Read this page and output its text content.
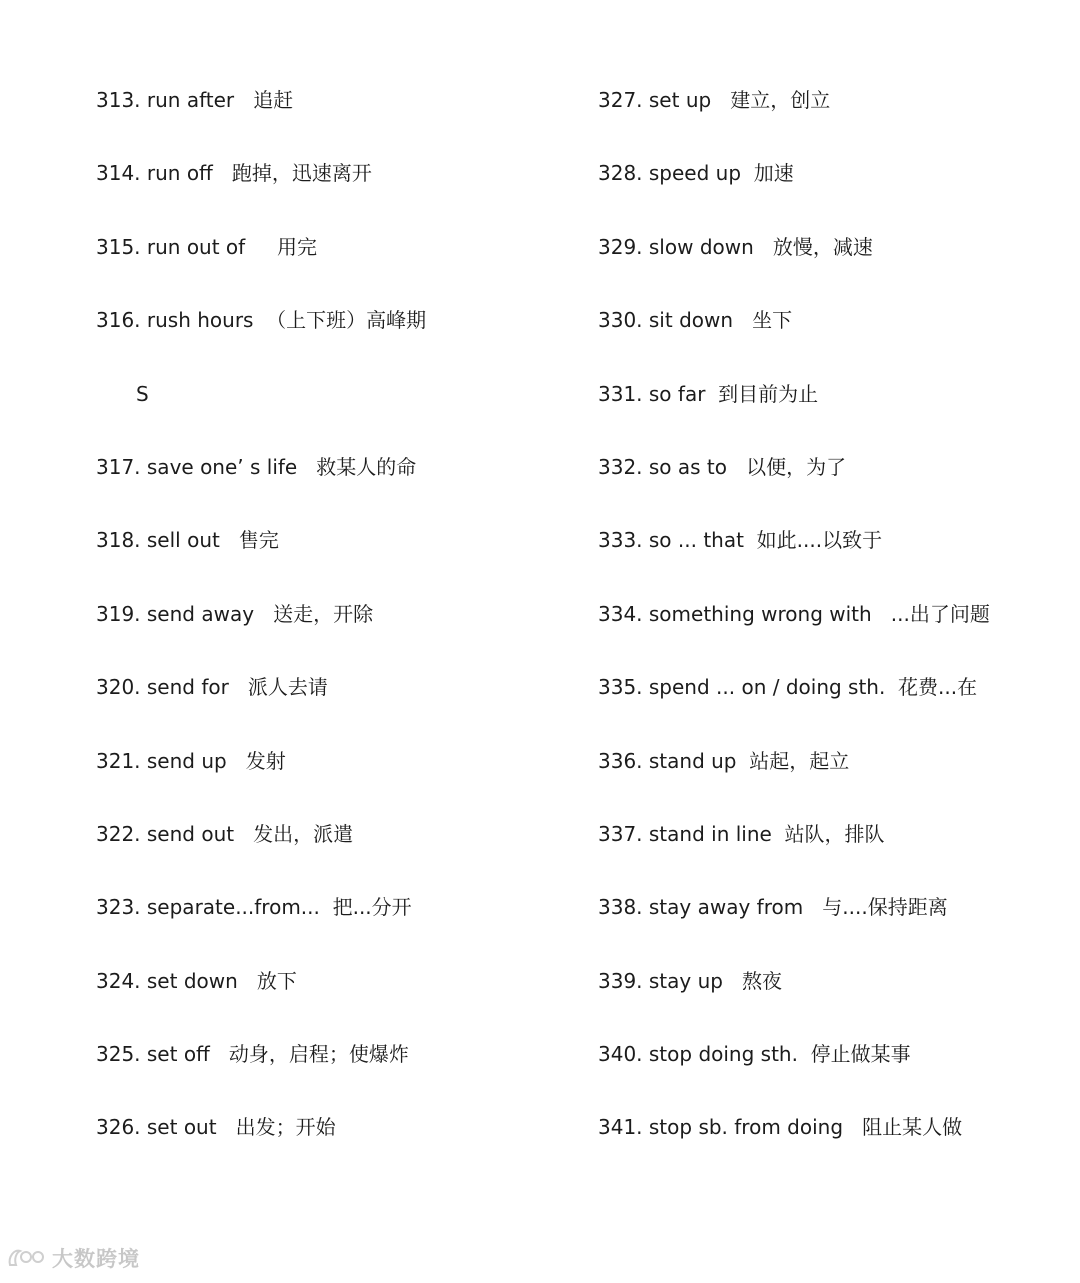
313. run after   追赶
314. run off   跑掉，迅速离开
315. run out of     用完
316. rush hours  （上下班）高峰期
S
317. save one’ s life   救某人的命
318. sell out   售完
319. send away   送走，开除
320. send for   派人去请
321. send up   发射
322. send out   发出，派遣
323. separate...from...  把...分开
324. set down   放下
325. set off   动身，启程；使爆炸
326. set out   出发；开始
327. set up   建立，创立
328. speed up  加速
329. slow down   放慢，减速
330. sit down   坐下
331. so far  到目前为止
332. so as to   以便，为了
333. so ... that  如此....以致于
334. something wrong with   ...出了问题
335. spend ... on / doing sth.  花费...在
336. stand up  站起，起立
337. stand in line  站队，排队
338. stay away from   与....保持距离
339. stay up   熬夜
340. stop doing sth.  停止做某事
341. stop sb. from doing   阻止某人做
大数跨境
